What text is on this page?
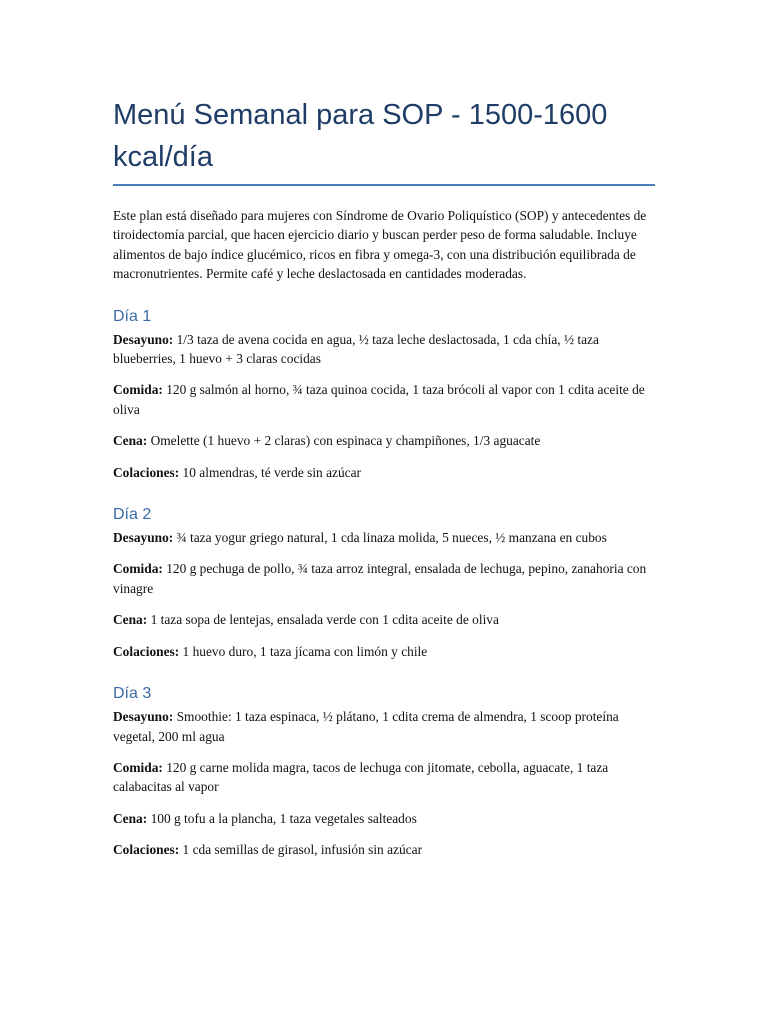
Menú Semanal para SOP - 1500-1600 kcal/día

Este plan está diseñado para mujeres con Síndrome de Ovario Poliquístico (SOP) y antecedentes de tiroidectomía parcial, que hacen ejercicio diario y buscan perder peso de forma saludable. Incluye alimentos de bajo índice glucémico, ricos en fibra y omega-3, con una distribución equilibrada de macronutrientes. Permite café y leche deslactosada en cantidades moderadas.

Día 1

Desayuno: 1/3 taza de avena cocida en agua, ½ taza leche deslactosada, 1 cda chía, ½ taza blueberries, 1 huevo + 3 claras cocidas

Comida: 120 g salmón al horno, ¾ taza quinoa cocida, 1 taza brócoli al vapor con 1 cdita aceite de oliva

Cena: Omelette (1 huevo + 2 claras) con espinaca y champiñones, 1/3 aguacate

Colaciones: 10 almendras, té verde sin azúcar

Día 2

Desayuno: ¾ taza yogur griego natural, 1 cda linaza molida, 5 nueces, ½ manzana en cubos

Comida: 120 g pechuga de pollo, ¾ taza arroz integral, ensalada de lechuga, pepino, zanahoria con vinagre

Cena: 1 taza sopa de lentejas, ensalada verde con 1 cdita aceite de oliva

Colaciones: 1 huevo duro, 1 taza jícama con limón y chile

Día 3

Desayuno: Smoothie: 1 taza espinaca, ½ plátano, 1 cdita crema de almendra, 1 scoop proteína vegetal, 200 ml agua

Comida: 120 g carne molida magra, tacos de lechuga con jitomate, cebolla, aguacate, 1 taza calabacitas al vapor

Cena: 100 g tofu a la plancha, 1 taza vegetales salteados

Colaciones: 1 cda semillas de girasol, infusión sin azúcar
